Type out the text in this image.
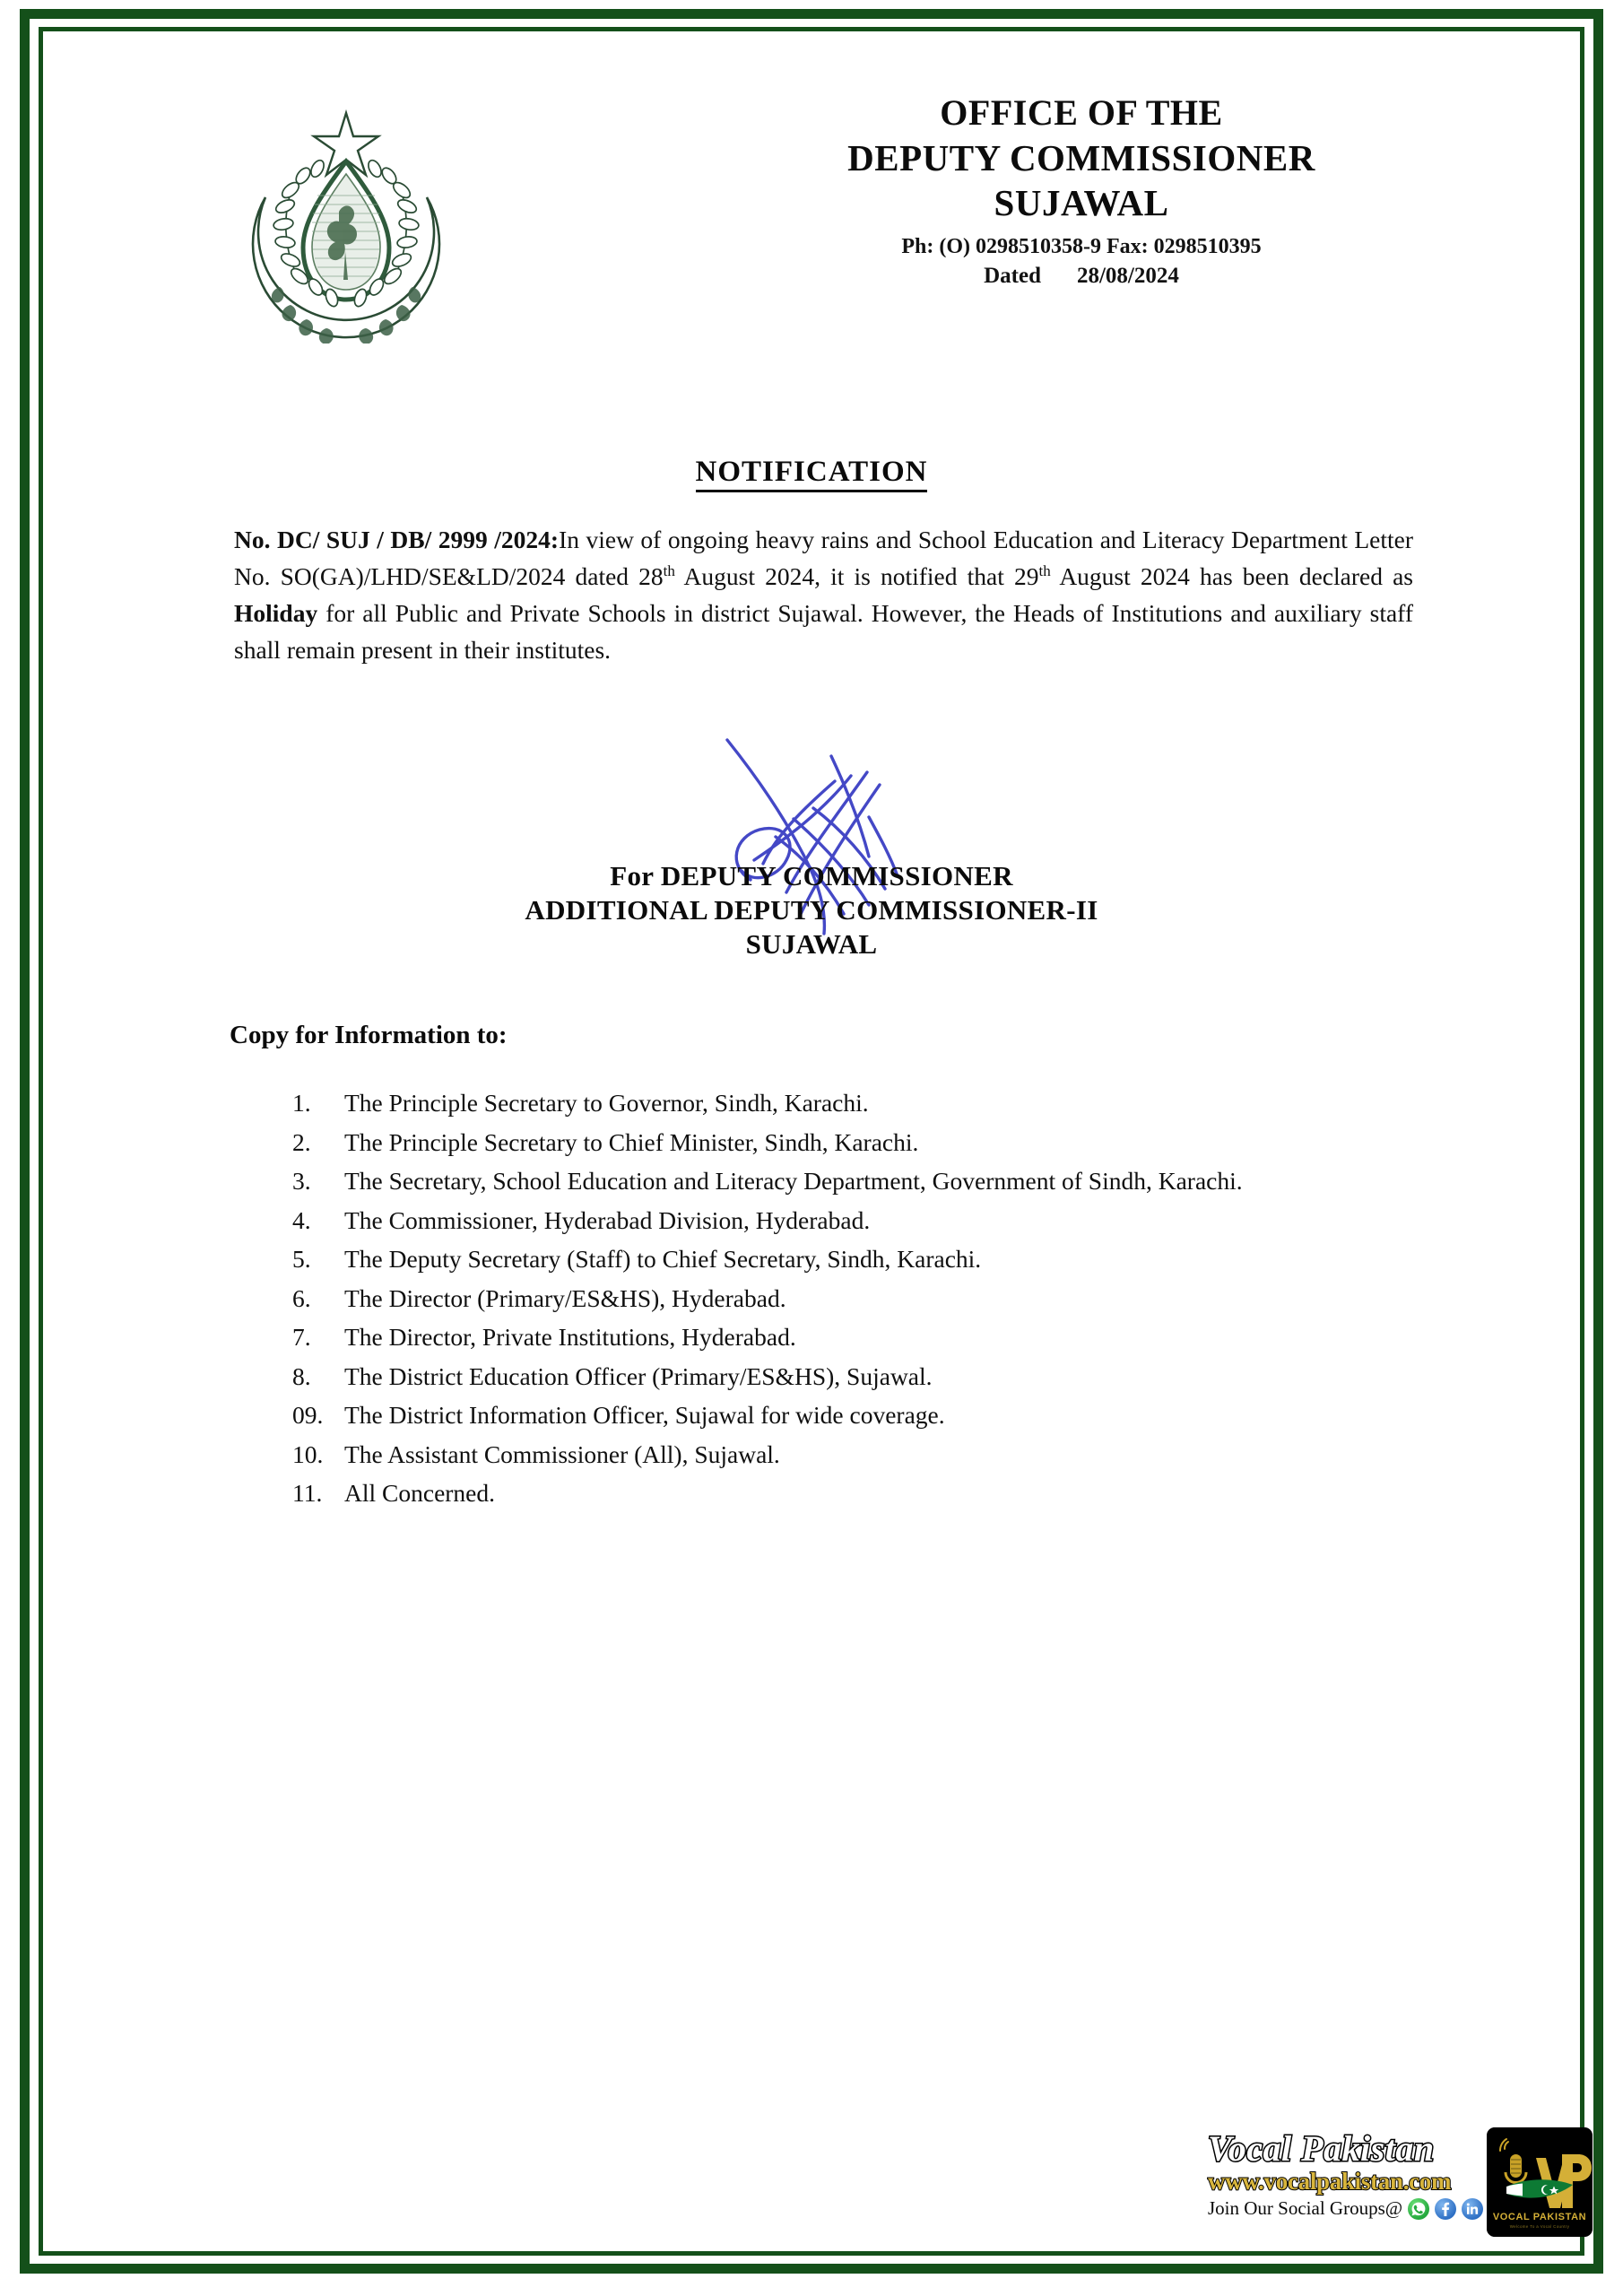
OFFICE OF THE
DEPUTY COMMISSIONER
SUJAWAL
Ph: (O) 0298510358-9 Fax: 0298510395
Dated 28/08/2024
NOTIFICATION
No. DC/ SUJ / DB/ 2999 /2024:In view of ongoing heavy rains and School Education and Literacy Department Letter No. SO(GA)/LHD/SE&LD/2024 dated 28th August 2024, it is notified that 29th August 2024 has been declared as Holiday for all Public and Private Schools in district Sujawal. However, the Heads of Institutions and auxiliary staff shall remain present in their institutes.
For DEPUTY COMMISSIONER
ADDITIONAL DEPUTY COMMISSIONER-II
SUJAWAL
Copy for Information to:
1.	The Principle Secretary to Governor, Sindh, Karachi.
2.	The Principle Secretary to Chief Minister, Sindh, Karachi.
3.	The Secretary, School Education and Literacy Department, Government of Sindh, Karachi.
4.	The Commissioner, Hyderabad Division, Hyderabad.
5.	The Deputy Secretary (Staff) to Chief Secretary, Sindh, Karachi.
6.	The Director (Primary/ES&HS), Hyderabad.
7.	The Director, Private Institutions, Hyderabad.
8.	The District Education Officer (Primary/ES&HS), Sujawal.
09. The District Information Officer, Sujawal for wide coverage.
10. The Assistant Commissioner (All), Sujawal.
11. All Concerned.
Vocal Pakistan
www.vocalpakistan.com
Join Our Social Groups@	VOCAL PAKISTAN
Welcome To a Vocal Country
